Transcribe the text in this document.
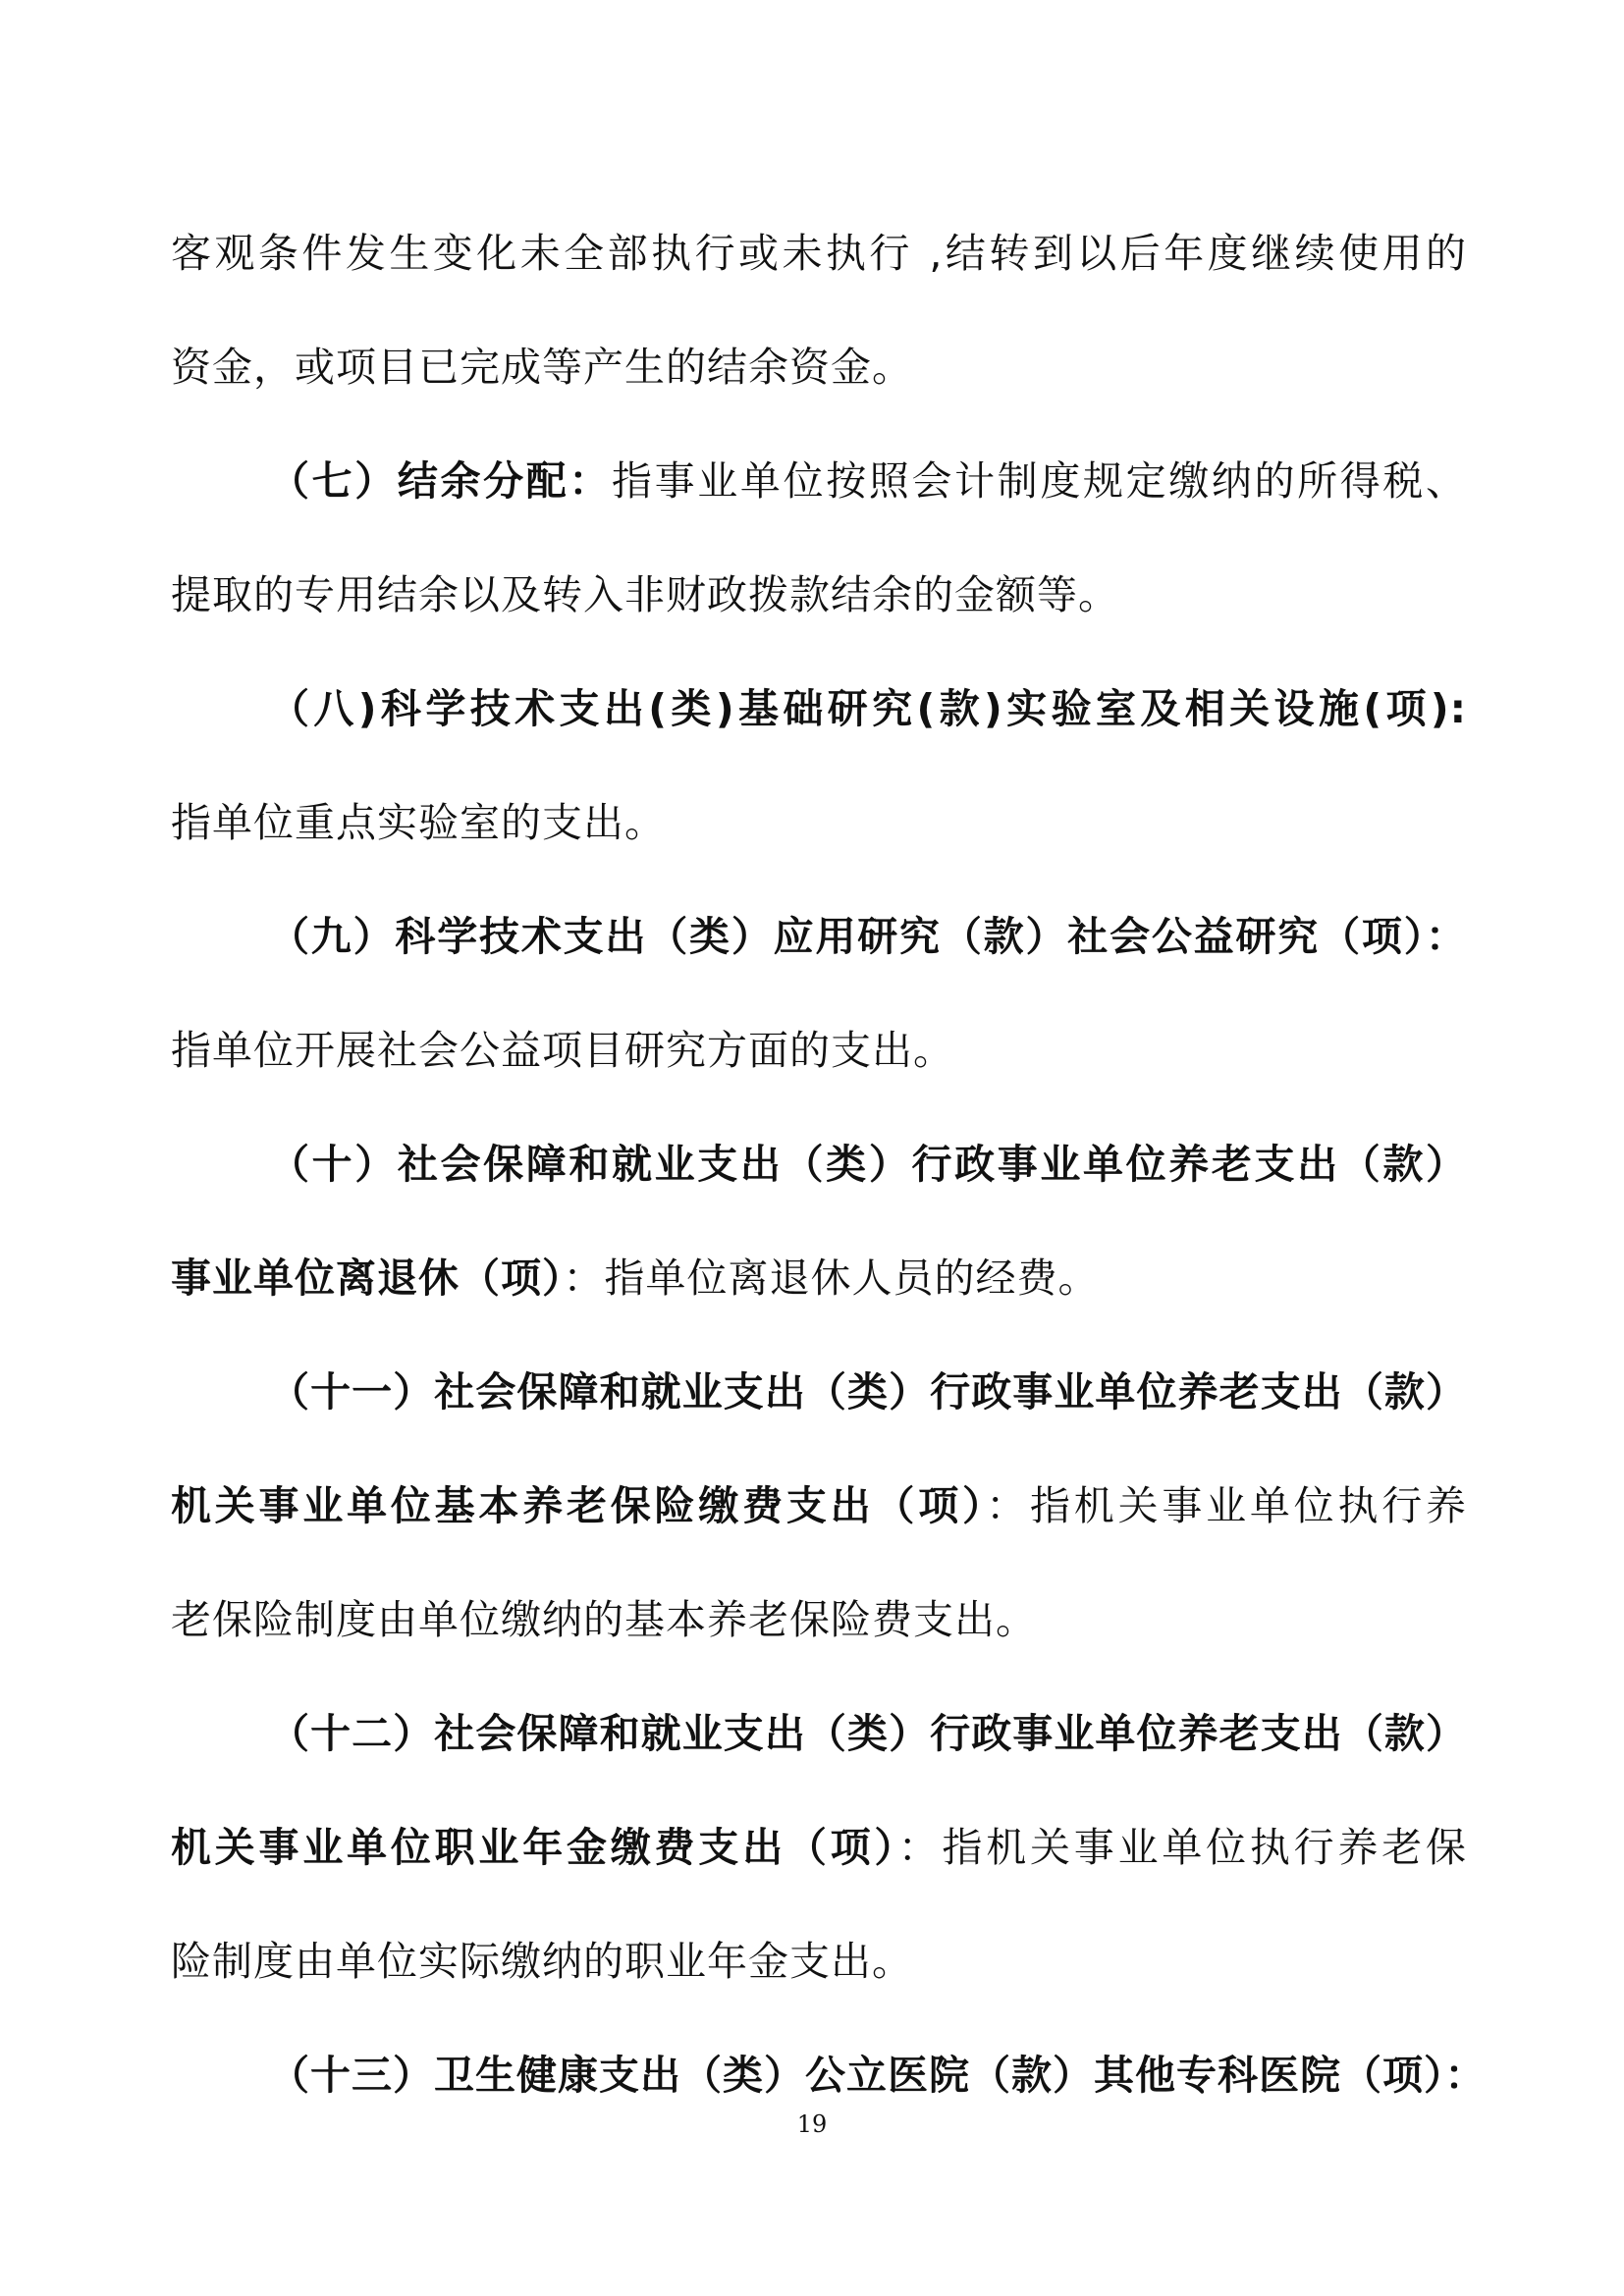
客观条件发生变化未全部执行或未执行 ,结转到以后年度继续使用的
资金，或项目已完成等产生的结余资金。
（七）结余分配：指事业单位按照会计制度规定缴纳的所得税、
提取的专用结余以及转入非财政拨款结余的金额等。
（八)科学技术支出(类)基础研究(款)实验室及相关设施(项):
指单位重点实验室的支出。
（九）科学技术支出（类）应用研究（款）社会公益研究（项）：
指单位开展社会公益项目研究方面的支出。
（十）社会保障和就业支出（类）行政事业单位养老支出（款）
事业单位离退休（项）：指单位离退休人员的经费。
（十一）社会保障和就业支出（类）行政事业单位养老支出（款）
机关事业单位基本养老保险缴费支出（项）：指机关事业单位执行养
老保险制度由单位缴纳的基本养老保险费支出。
（十二）社会保障和就业支出（类）行政事业单位养老支出（款）
机关事业单位职业年金缴费支出（项）：指机关事业单位执行养老保
险制度由单位实际缴纳的职业年金支出。
（十三）卫生健康支出（类）公立医院（款）其他专科医院（项）：
19
